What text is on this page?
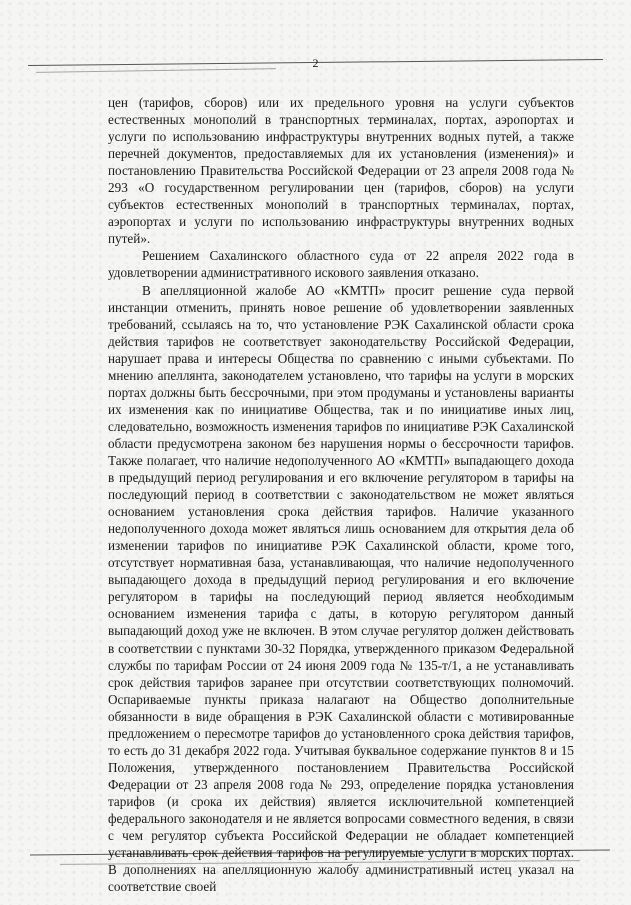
2

цен (тарифов, сборов) или их предельного уровня на услуги субъектов естественных монополий в транспортных терминалах, портах, аэропортах и услуги по использованию инфраструктуры внутренних водных путей, а также перечней документов, предоставляемых для их установления (изменения)» и постановлению Правительства Российской Федерации от 23 апреля 2008 года № 293 «О государственном регулировании цен (тарифов, сборов) на услуги субъектов естественных монополий в транспортных терминалах, портах, аэропортах и услуги по использованию инфраструктуры внутренних водных путей».

Решением Сахалинского областного суда от 22 апреля 2022 года в удовлетворении административного искового заявления отказано.

В апелляционной жалобе АО «КМТП» просит решение суда первой инстанции отменить, принять новое решение об удовлетворении заявленных требований, ссылаясь на то, что установление РЭК Сахалинской области срока действия тарифов не соответствует законодательству Российской Федерации, нарушает права и интересы Общества по сравнению с иными субъектами. По мнению апеллянта, законодателем установлено, что тарифы на услуги в морских портах должны быть бессрочными, при этом продуманы и установлены варианты их изменения как по инициативе Общества, так и по инициативе иных лиц, следовательно, возможность изменения тарифов по инициативе РЭК Сахалинской области предусмотрена законом без нарушения нормы о бессрочности тарифов. Также полагает, что наличие недополученного АО «КМТП» выпадающего дохода в предыдущий период регулирования и его включение регулятором в тарифы на последующий период в соответствии с законодательством не может являться основанием установления срока действия тарифов. Наличие указанного недополученного дохода может являться лишь основанием для открытия дела об изменении тарифов по инициативе РЭК Сахалинской области, кроме того, отсутствует нормативная база, устанавливающая, что наличие недополученного выпадающего дохода в предыдущий период регулирования и его включение регулятором в тарифы на последующий период является необходимым основанием изменения тарифа с даты, в которую регулятором данный выпадающий доход уже не включен. В этом случае регулятор должен действовать в соответствии с пунктами 30-32 Порядка, утвержденного приказом Федеральной службы по тарифам России от 24 июня 2009 года № 135-т/1, а не устанавливать срок действия тарифов заранее при отсутствии соответствующих полномочий. Оспариваемые пункты приказа налагают на Общество дополнительные обязанности в виде обращения в РЭК Сахалинской области с мотивированные предложением о пересмотре тарифов до установленного срока действия тарифов, то есть до 31 декабря 2022 года. Учитывая буквальное содержание пунктов 8 и 15 Положения, утвержденного постановлением Правительства Российской Федерации от 23 апреля 2008 года № 293, определение порядка установления тарифов (и срока их действия) является исключительной компетенцией федерального законодателя и не является вопросами совместного ведения, в связи с чем регулятор субъекта Российской Федерации не обладает компетенцией устанавливать срок действия тарифов на регулируемые услуги в морских портах. В дополнениях на апелляционную жалобу административный истец указал на соответствие своей
